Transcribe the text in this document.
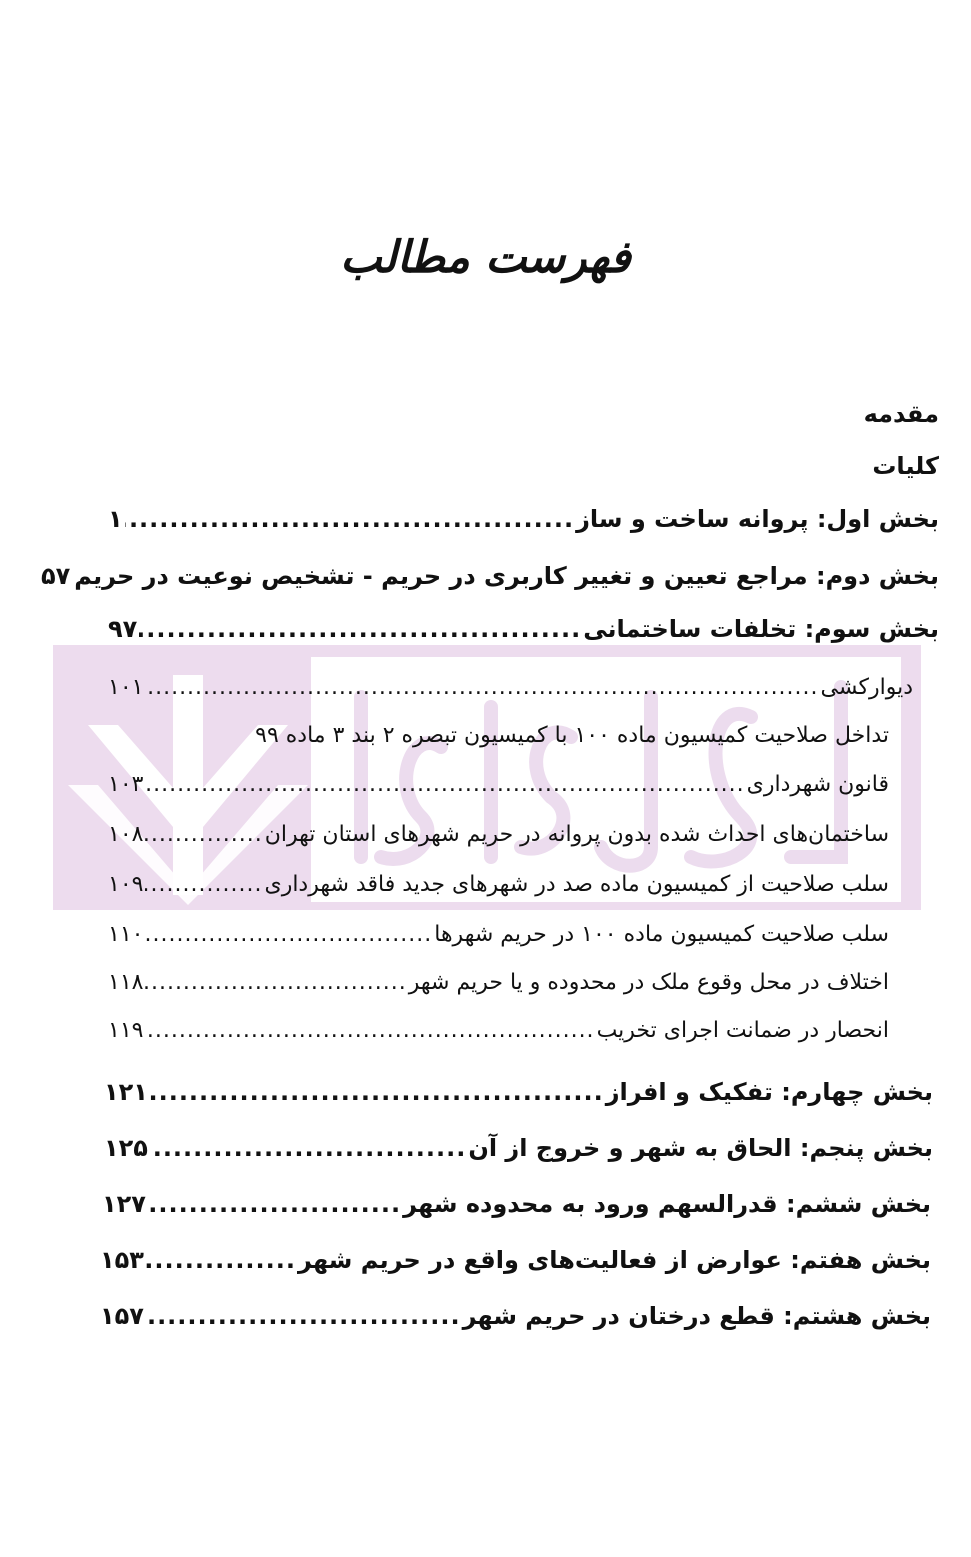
فهرست مطالب
مقدمه
کلیات
بخش اول: پروانه ساخت و ساز
.....
۱
بخش دوم: مراجع تعیین و تغییر کاربری در حریم - تشخیص نوعیت در حریم
۵۷
بخش سوم: تخلفات ساختمانی
.....
۹۷
دیوارکشی
.....
۱۰۱
تداخل صلاحیت کمیسیون ماده ۱۰۰ با کمیسیون تبصره ۲ بند ۳ ماده ۹۹
قانون شهرداری
.....
۱۰۳
ساختمان‌های احداث شده بدون پروانه در حریم شهرهای استان تهران
.....
۱۰۸
سلب صلاحیت از کمیسیون ماده صد در شهرهای جدید فاقد شهرداری
.....
۱۰۹
سلب صلاحیت کمیسیون ماده ۱۰۰ در حریم شهرها
.....
۱۱۰
اختلاف در محل وقوع ملک در محدوده و یا حریم شهر
.....
۱۱۸
انحصار در ضمانت اجرای تخریب
.....
۱۱۹
بخش چهارم: تفکیک و افراز
.....
۱۲۱
بخش پنجم: الحاق به شهر و خروج از آن
.....
۱۲۵
بخش ششم: قدرالسهم ورود به محدوده شهر
.....
۱۲۷
بخش هفتم: عوارض از فعالیت‌های واقع در حریم شهر
.....
۱۵۳
بخش هشتم: قطع درختان در حریم شهر
.....
۱۵۷
